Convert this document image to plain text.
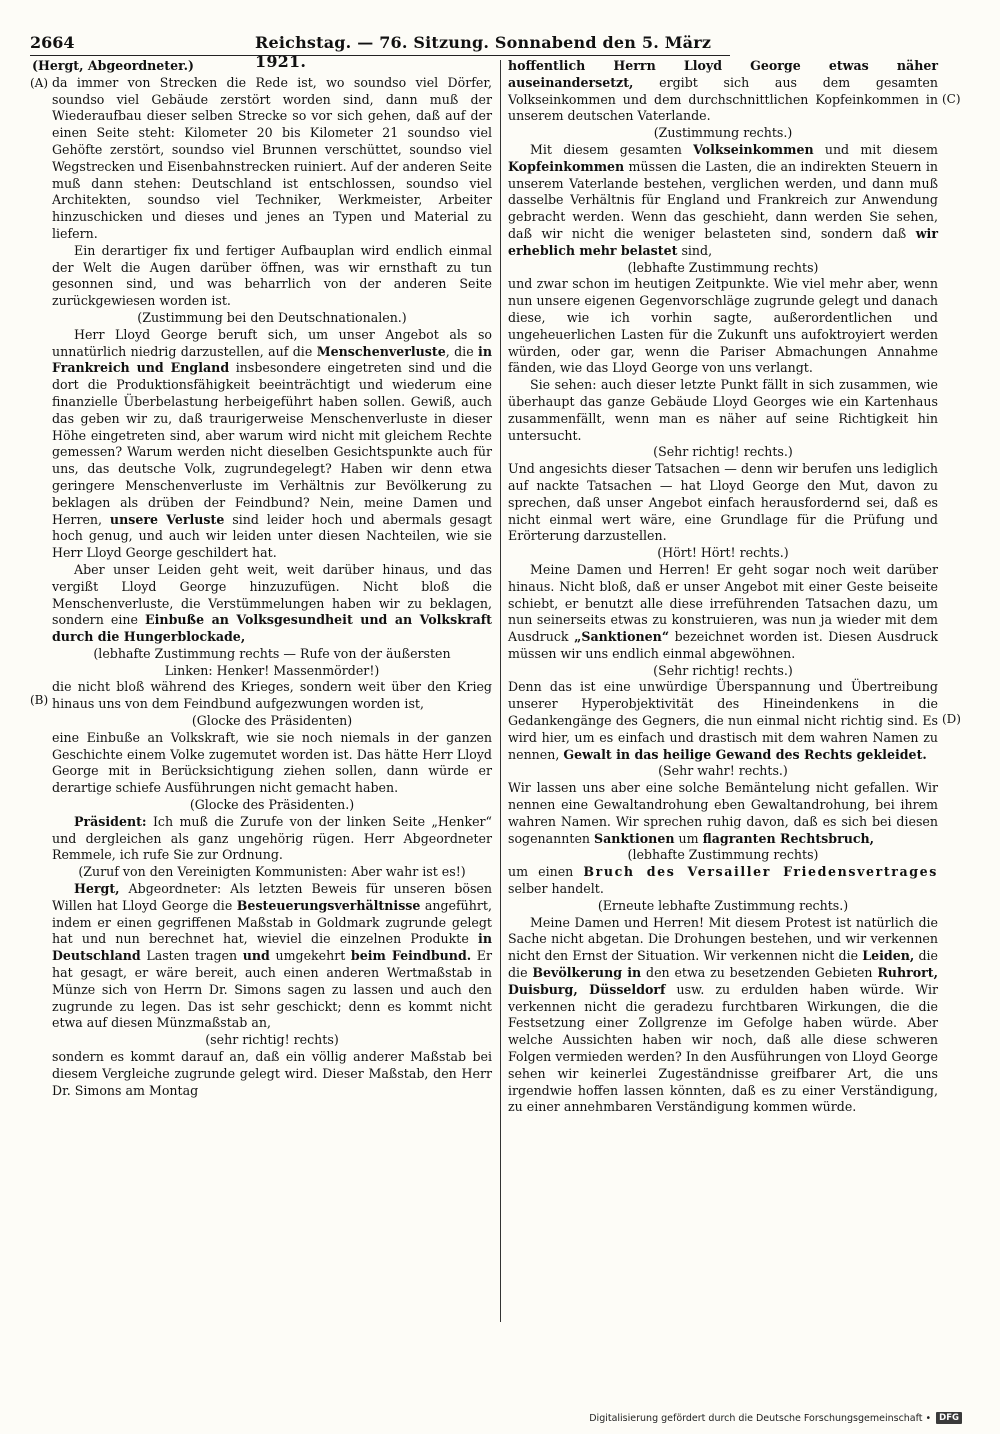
2664	Reichstag. — 76. Sitzung. Sonnabend den 5. März 1921.
(A)
(B)
(C)
(D)

(Hergt, Abgeordneter.)

da immer von Strecken die Rede ist, wo soundso viel Dörfer, soundso viel Gebäude zerstört worden sind, dann muß der Wiederaufbau dieser selben Strecke so vor sich gehen, daß auf der einen Seite steht: Kilometer 20 bis Kilometer 21 soundso viel Gehöfte zerstört, soundso viel Brunnen verschüttet, soundso viel Wegstrecken und Eisenbahnstrecken ruiniert. Auf der anderen Seite muß dann stehen: Deutschland ist entschlossen, soundso viel Architekten, soundso viel Techniker, Werkmeister, Arbeiter hinzuschicken und dieses und jenes an Typen und Material zu liefern.

Ein derartiger fix und fertiger Aufbauplan wird endlich einmal der Welt die Augen darüber öffnen, was wir ernsthaft zu tun gesonnen sind, und was beharrlich von der anderen Seite zurückgewiesen worden ist.

(Zustimmung bei den Deutschnationalen.)

Herr Lloyd George beruft sich, um unser Angebot als so unnatürlich niedrig darzustellen, auf die Menschenverluste, die in Frankreich und England insbesondere eingetreten sind und die dort die Produktionsfähigkeit beeinträchtigt und wiederum eine finanzielle Überbelastung herbeigeführt haben sollen. Gewiß, auch das geben wir zu, daß traurigerweise Menschenverluste in dieser Höhe eingetreten sind, aber warum wird nicht mit gleichem Rechte gemessen? Warum werden nicht dieselben Gesichtspunkte auch für uns, das deutsche Volk, zugrundegelegt? Haben wir denn etwa geringere Menschenverluste im Verhältnis zur Bevölkerung zu beklagen als drüben der Feindbund? Nein, meine Damen und Herren, unsere Verluste sind leider hoch und abermals gesagt hoch genug, und auch wir leiden unter diesen Nachteilen, wie sie Herr Lloyd George geschildert hat.

Aber unser Leiden geht weit, weit darüber hinaus, und das vergißt Lloyd George hinzuzufügen. Nicht bloß die Menschenverluste, die Verstümmelungen haben wir zu beklagen, sondern eine Einbuße an Volksgesundheit und an Volkskraft durch die Hungerblockade,

(lebhafte Zustimmung rechts — Rufe von der äußersten Linken: Henker! Massenmörder!)

die nicht bloß während des Krieges, sondern weit über den Krieg hinaus uns von dem Feindbund aufgezwungen worden ist,

(Glocke des Präsidenten)

eine Einbuße an Volkskraft, wie sie noch niemals in der ganzen Geschichte einem Volke zugemutet worden ist. Das hätte Herr Lloyd George mit in Berücksichtigung ziehen sollen, dann würde er derartige schiefe Ausführungen nicht gemacht haben.

(Glocke des Präsidenten.)

Präsident: Ich muß die Zurufe von der linken Seite „Henker“ und dergleichen als ganz ungehörig rügen. Herr Abgeordneter Remmele, ich rufe Sie zur Ordnung.

(Zuruf von den Vereinigten Kommunisten: Aber wahr ist es!)

Hergt, Abgeordneter: Als letzten Beweis für unseren bösen Willen hat Lloyd George die Besteuerungsverhältnisse angeführt, indem er einen gegriffenen Maßstab in Goldmark zugrunde gelegt hat und nun berechnet hat, wieviel die einzelnen Produkte in Deutschland Lasten tragen und umgekehrt beim Feindbund. Er hat gesagt, er wäre bereit, auch einen anderen Wertmaßstab in Münze sich von Herrn Dr. Simons sagen zu lassen und auch den zugrunde zu legen. Das ist sehr geschickt; denn es kommt nicht etwa auf diesen Münzmaßstab an,

(sehr richtig! rechts)

sondern es kommt darauf an, daß ein völlig anderer Maßstab bei diesem Vergleiche zugrunde gelegt wird. Dieser Maßstab, den Herr Dr. Simons am Montag

hoffentlich Herrn Lloyd George etwas näher auseinandersetzt, ergibt sich aus dem gesamten Volkseinkommen und dem durchschnittlichen Kopfeinkommen in unserem deutschen Vaterlande.

(Zustimmung rechts.)

Mit diesem gesamten Volkseinkommen und mit diesem Kopfeinkommen müssen die Lasten, die an indirekten Steuern in unserem Vaterlande bestehen, verglichen werden, und dann muß dasselbe Verhältnis für England und Frankreich zur Anwendung gebracht werden. Wenn das geschieht, dann werden Sie sehen, daß wir nicht die weniger belasteten sind, sondern daß wir erheblich mehr belastet sind,

(lebhafte Zustimmung rechts)

und zwar schon im heutigen Zeitpunkte. Wie viel mehr aber, wenn nun unsere eigenen Gegenvorschläge zugrunde gelegt und danach diese, wie ich vorhin sagte, außerordentlichen und ungeheuerlichen Lasten für die Zukunft uns aufoktroyiert werden würden, oder gar, wenn die Pariser Abmachungen Annahme fänden, wie das Lloyd George von uns verlangt.

Sie sehen: auch dieser letzte Punkt fällt in sich zusammen, wie überhaupt das ganze Gebäude Lloyd Georges wie ein Kartenhaus zusammenfällt, wenn man es näher auf seine Richtigkeit hin untersucht.

(Sehr richtig! rechts.)

Und angesichts dieser Tatsachen — denn wir berufen uns lediglich auf nackte Tatsachen — hat Lloyd George den Mut, davon zu sprechen, daß unser Angebot einfach herausfordernd sei, daß es nicht einmal wert wäre, eine Grundlage für die Prüfung und Erörterung darzustellen.

(Hört! Hört! rechts.)

Meine Damen und Herren! Er geht sogar noch weit darüber hinaus. Nicht bloß, daß er unser Angebot mit einer Geste beiseite schiebt, er benutzt alle diese irreführenden Tatsachen dazu, um nun seinerseits etwas zu konstruieren, was nun ja wieder mit dem Ausdruck „Sanktionen“ bezeichnet worden ist. Diesen Ausdruck müssen wir uns endlich einmal abgewöhnen.

(Sehr richtig! rechts.)

Denn das ist eine unwürdige Überspannung und Übertreibung unserer Hyperobjektivität des Hineindenkens in die Gedankengänge des Gegners, die nun einmal nicht richtig sind. Es wird hier, um es einfach und drastisch mit dem wahren Namen zu nennen, Gewalt in das heilige Gewand des Rechts gekleidet.

(Sehr wahr! rechts.)

Wir lassen uns aber eine solche Bemäntelung nicht gefallen. Wir nennen eine Gewaltandrohung eben Gewaltandrohung, bei ihrem wahren Namen. Wir sprechen ruhig davon, daß es sich bei diesen sogenannten Sanktionen um flagranten Rechtsbruch,

(lebhafte Zustimmung rechts)

um einen Bruch des Versailler Friedensvertrages selber handelt.

(Erneute lebhafte Zustimmung rechts.)

Meine Damen und Herren! Mit diesem Protest ist natürlich die Sache nicht abgetan. Die Drohungen bestehen, und wir verkennen nicht den Ernst der Situation. Wir verkennen nicht die Leiden, die die Bevölkerung in den etwa zu besetzenden Gebieten Ruhrort, Duisburg, Düsseldorf usw. zu erdulden haben würde. Wir verkennen nicht die geradezu furchtbaren Wirkungen, die die Festsetzung einer Zollgrenze im Gefolge haben würde. Aber welche Aussichten haben wir noch, daß alle diese schweren Folgen vermieden werden? In den Ausführungen von Lloyd George sehen wir keinerlei Zugeständnisse greifbarer Art, die uns irgendwie hoffen lassen könnten, daß es zu einer Verständigung, zu einer annehmbaren Verständigung kommen würde.

Digitalisierung gefördert durch die Deutsche Forschungsgemeinschaft • DFG
